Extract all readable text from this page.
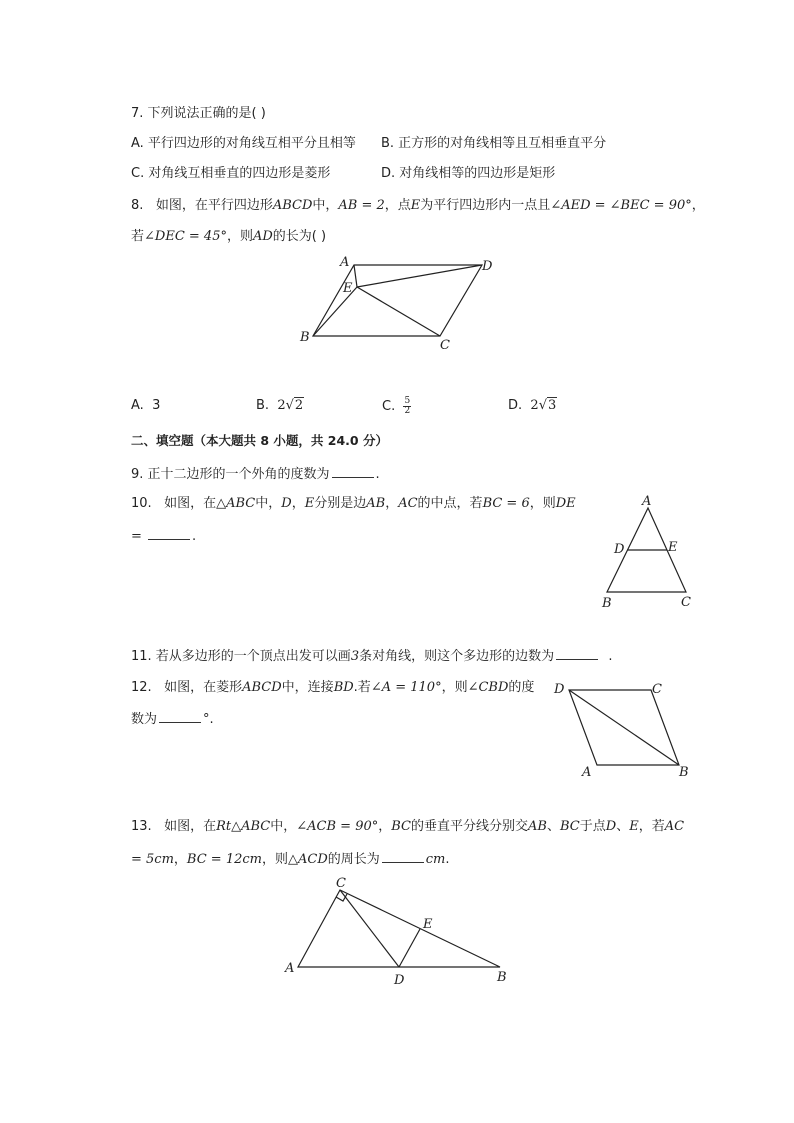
7. 下列说法正确的是( )
A. 平行四边形的对角线互相平分且相等 B. 正方形的对角线相等且互相垂直平分
C. 对角线互相垂直的四边形是菱形	D. 对角线相等的四边形是矩形
8. 如图，在平行四边形ABCD中，AB = 2，点E为平行四边形内一点且∠AED = ∠BEC = 90°，
若∠DEC = 45°，则AD的长为( )
A	D
E
B
C
A. 3	B. 2√2	C. $\frac{5}{2}$	D. 2√3
二、填空题（本大题共 8 小题，共 24.0 分）
9. 正十二边形的一个外角的度数为	.
10. 如图，在△ABC中，D，E分别是边AB，AC的中点，若BC = 6，则DE
=	.
A
D	E
B	C
11. 若从多边形的一个顶点出发可以画3条对角线，则这个多边形的边数为	.
12. 如图，在菱形ABCD中，连接BD.若∠A = 110°，则∠CBD的度
数为	°.
D	C
A	B
13. 如图，在Rt△ABC中，∠ACB = 90°，BC的垂直平分线分别交AB、BC于点D、E，若AC
= 5cm，BC = 12cm，则△ACD的周长为	cm.
C
E
A
D	B
